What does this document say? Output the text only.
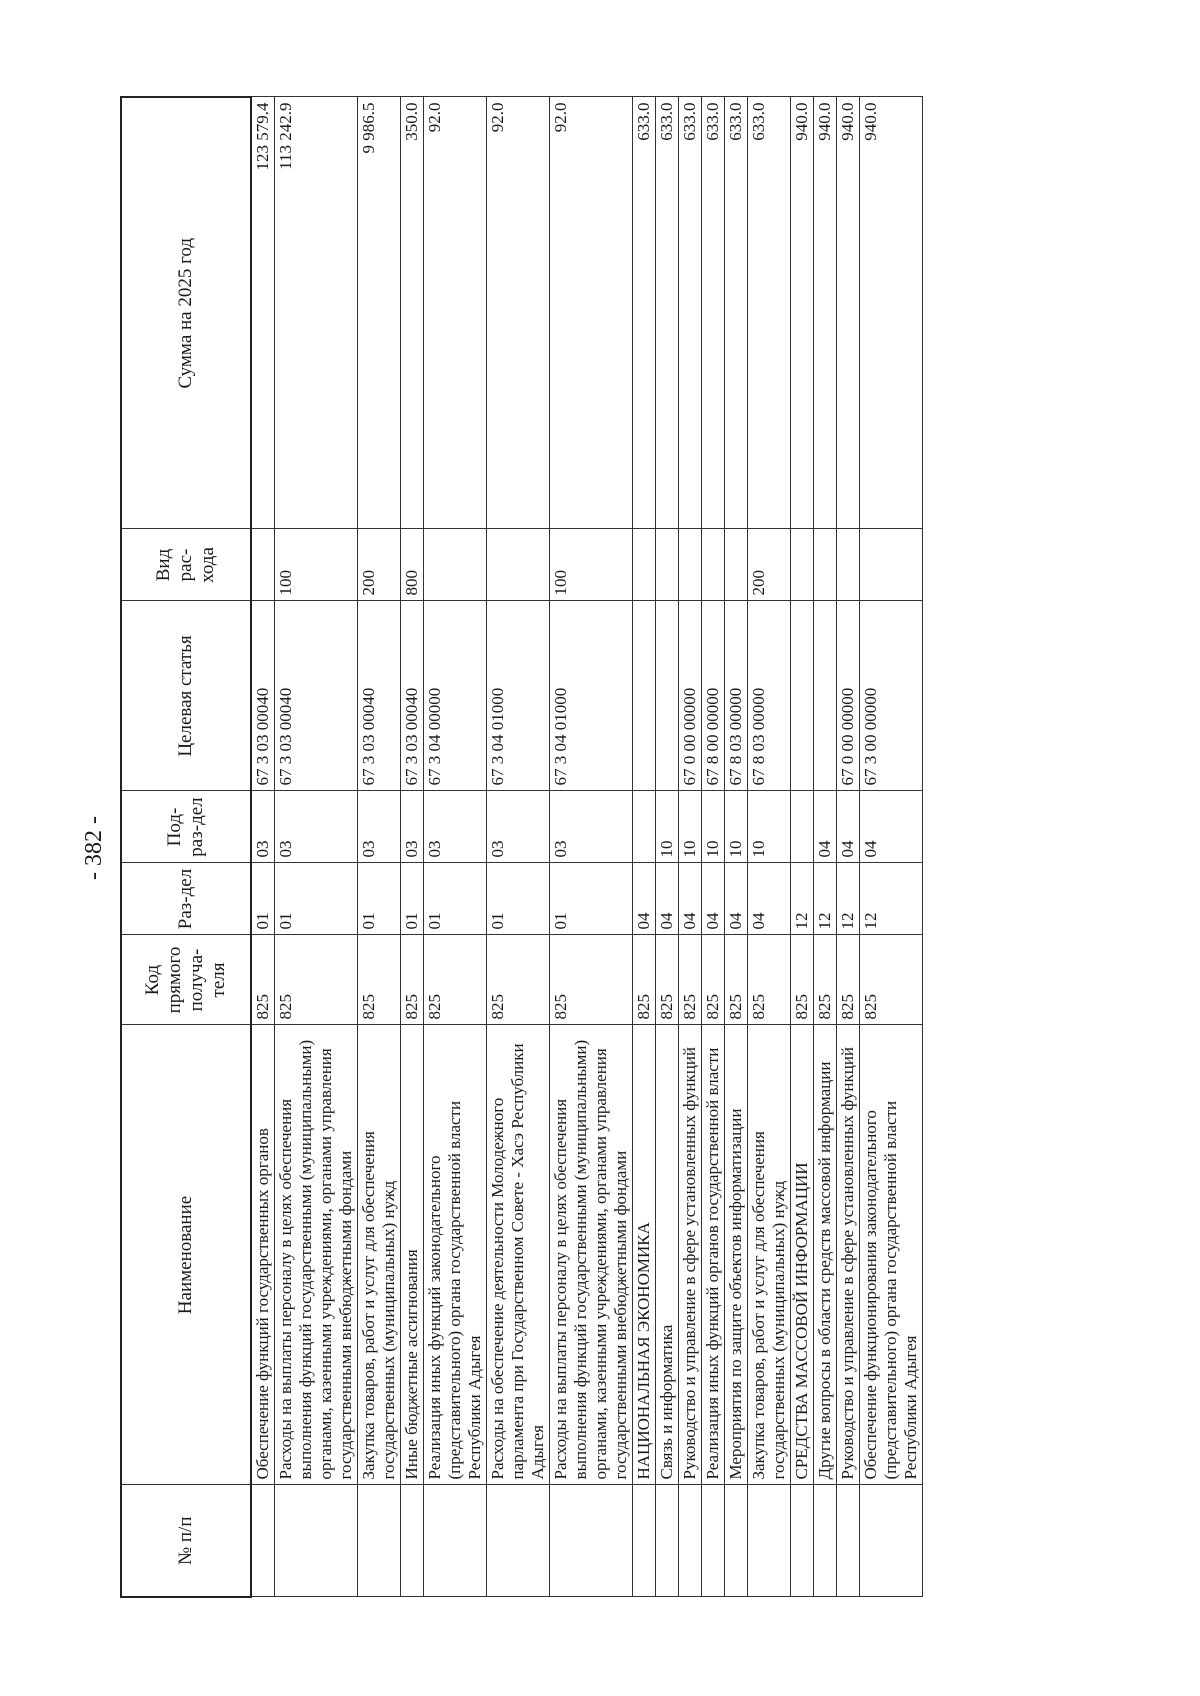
- 382 -
№ п/п	Наименование	Код прямого получа-теля	Раз-дел	Под-раз-дел	Целевая статья	Вид рас-хода	Сумма на 2025 год
	Обеспечение функций государственных органов	825	01	03	67 3 03 00040		123 579.4
	Расходы на выплаты персоналу в целях обеспечения выполнения функций государственными (муниципальными) органами, казенными учреждениями, органами управления государственными внебюджетными фондами	825	01	03	67 3 03 00040	100	113 242.9
	Закупка товаров, работ и услуг для обеспечения государственных (муниципальных) нужд	825	01	03	67 3 03 00040	200	9 986.5
	Иные бюджетные ассигнования	825	01	03	67 3 03 00040	800	350.0
	Реализация иных функций законодательного (представительного) органа государственной власти Республики Адыгея	825	01	03	67 3 04 00000		92.0
	Расходы на обеспечение деятельности Молодежного парламента при Государственном Совете - Хасэ Республики Адыгея	825	01	03	67 3 04 01000		92.0
	Расходы на выплаты персоналу в целях обеспечения выполнения функций государственными (муниципальными) органами, казенными учреждениями, органами управления государственными внебюджетными фондами	825	01	03	67 3 04 01000	100	92.0
	НАЦИОНАЛЬНАЯ ЭКОНОМИКА	825	04				633.0
	Связь и информатика	825	04	10			633.0
	Руководство и управление в сфере установленных функций	825	04	10	67 0 00 00000		633.0
	Реализация иных функций органов государственной власти	825	04	10	67 8 00 00000		633.0
	Мероприятия по защите объектов информатизации	825	04	10	67 8 03 00000		633.0
	Закупка товаров, работ и услуг для обеспечения государственных (муниципальных) нужд	825	04	10	67 8 03 00000	200	633.0
	СРЕДСТВА МАССОВОЙ ИНФОРМАЦИИ	825	12				940.0
	Другие вопросы в области средств массовой информации	825	12	04			940.0
	Руководство и управление в сфере установленных функций	825	12	04	67 0 00 00000		940.0
	Обеспечение функционирования законодательного (представительного) органа государственной власти Республики Адыгея	825	12	04	67 3 00 00000		940.0
